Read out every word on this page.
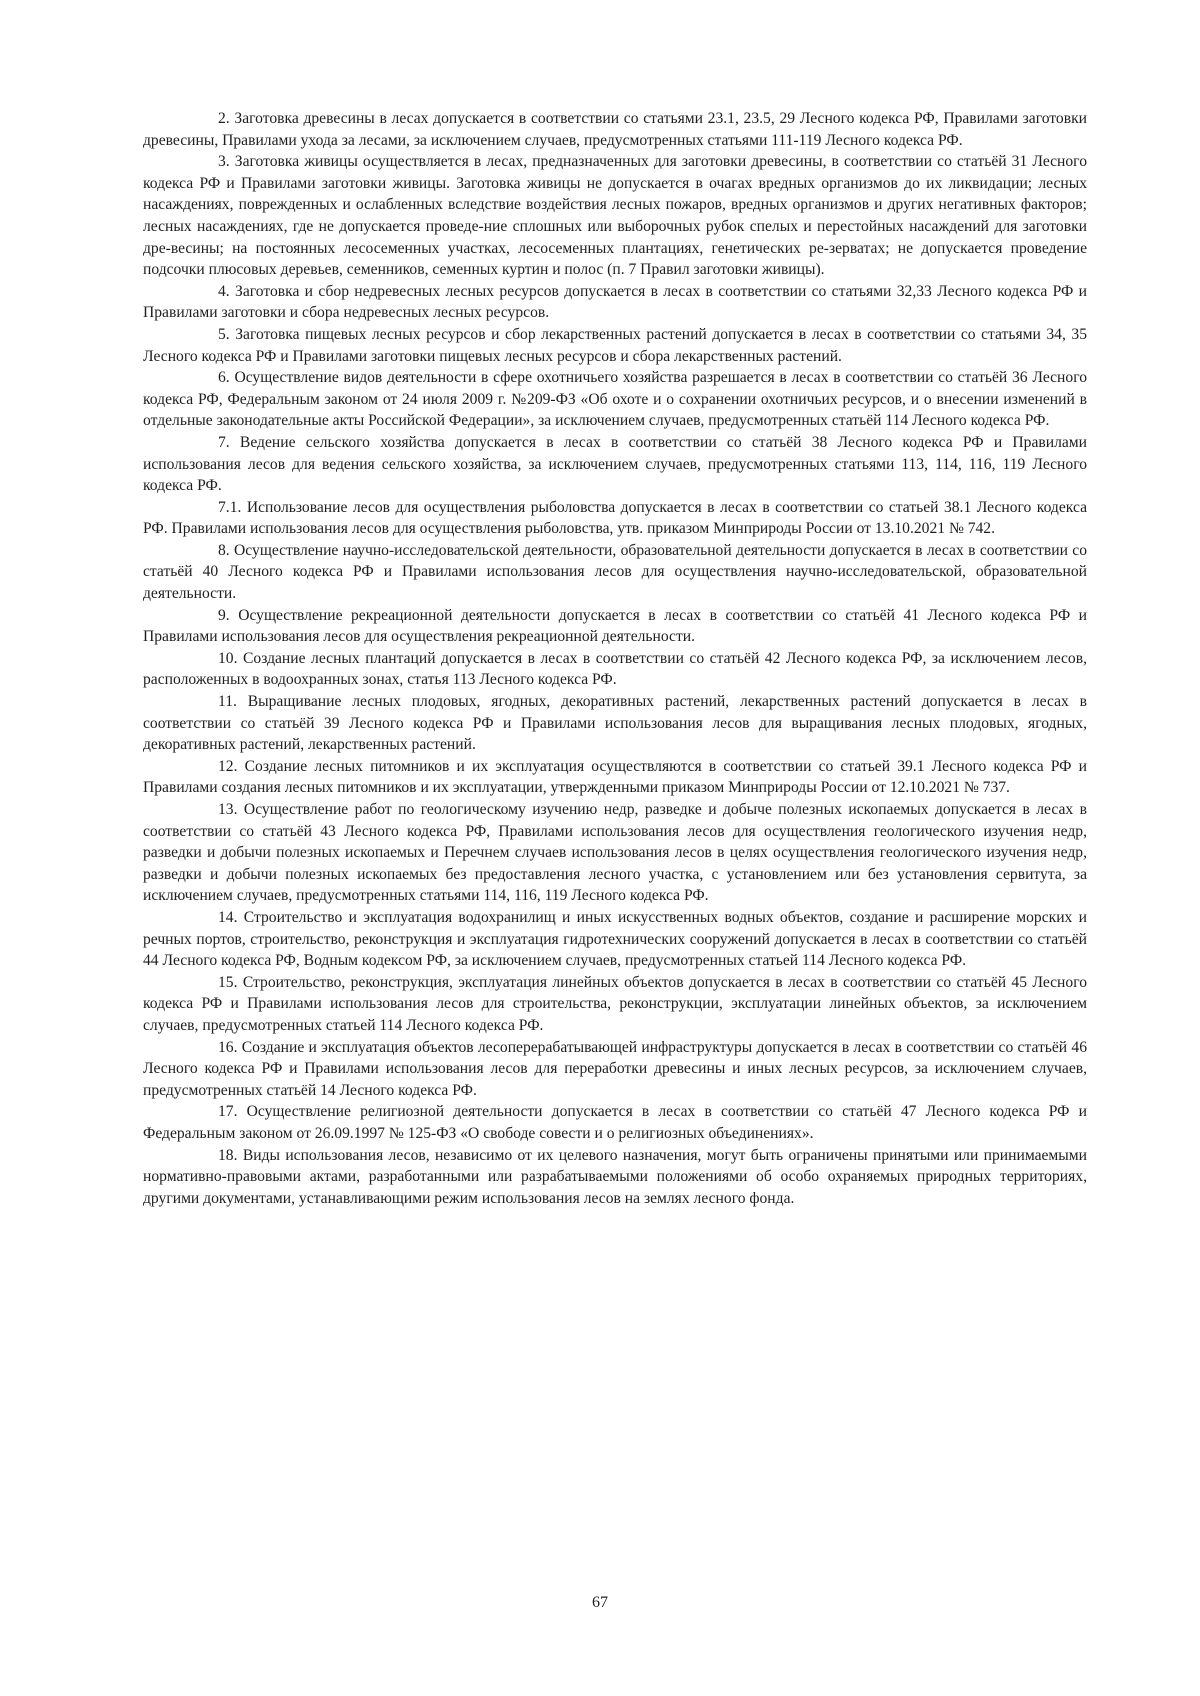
2. Заготовка древесины в лесах допускается в соответствии со статьями 23.1, 23.5, 29 Лесного кодекса РФ, Правилами заготовки древесины, Правилами ухода за лесами, за исключением случаев, предусмотренных статьями 111-119 Лесного кодекса РФ.

3. Заготовка живицы осуществляется в лесах, предназначенных для заготовки древесины, в соответствии со статьёй 31 Лесного кодекса РФ и Правилами заготовки живицы. Заготовка живицы не допускается в очагах вредных организмов до их ликвидации; лесных насаждениях, поврежденных и ослабленных вследствие воздействия лесных пожаров, вредных организмов и других негативных факторов; лесных насаждениях, где не допускается проведе-ние сплошных или выборочных рубок спелых и перестойных насаждений для заготовки дре-весины; на постоянных лесосеменных участках, лесосеменных плантациях, генетических ре-зерватах; не допускается проведение подсочки плюсовых деревьев, семенников, семенных куртин и полос (п. 7 Правил заготовки живицы).

4. Заготовка и сбор недревесных лесных ресурсов допускается в лесах в соответствии со статьями 32,33 Лесного кодекса РФ и Правилами заготовки и сбора недревесных лесных ресурсов.

5. Заготовка пищевых лесных ресурсов и сбор лекарственных растений допускается в лесах в соответствии со статьями 34, 35 Лесного кодекса РФ и Правилами заготовки пищевых лесных ресурсов и сбора лекарственных растений.

6. Осуществление видов деятельности в сфере охотничьего хозяйства разрешается в лесах в соответствии со статьёй 36 Лесного кодекса РФ, Федеральным законом от 24 июля 2009 г. №209-ФЗ «Об охоте и о сохранении охотничьих ресурсов, и о внесении изменений в отдельные законодательные акты Российской Федерации», за исключением случаев, предусмотренных статьёй 114 Лесного кодекса РФ.

7. Ведение сельского хозяйства допускается в лесах в соответствии со статьёй 38 Лесного кодекса РФ и Правилами использования лесов для ведения сельского хозяйства, за исключением случаев, предусмотренных статьями 113, 114, 116, 119 Лесного кодекса РФ.

7.1. Использование лесов для осуществления рыболовства допускается в лесах в соответствии со статьей 38.1 Лесного кодекса РФ. Правилами использования лесов для осуществления рыболовства, утв. приказом Минприроды России от 13.10.2021 № 742.

8. Осуществление научно-исследовательской деятельности, образовательной деятельности допускается в лесах в соответствии со статьёй 40 Лесного кодекса РФ и Правилами использования лесов для осуществления научно-исследовательской, образовательной деятельности.

9. Осуществление рекреационной деятельности допускается в лесах в соответствии со статьёй 41 Лесного кодекса РФ и Правилами использования лесов для осуществления рекреационной деятельности.

10. Создание лесных плантаций допускается в лесах в соответствии со статьёй 42 Лесного кодекса РФ, за исключением лесов, расположенных в водоохранных зонах, статья 113 Лесного кодекса РФ.

11. Выращивание лесных плодовых, ягодных, декоративных растений, лекарственных растений допускается в лесах в соответствии со статьёй 39 Лесного кодекса РФ и Правилами использования лесов для выращивания лесных плодовых, ягодных, декоративных растений, лекарственных растений.

12. Создание лесных питомников и их эксплуатация осуществляются в соответствии со статьей 39.1 Лесного кодекса РФ и Правилами создания лесных питомников и их эксплуатации, утвержденными приказом Минприроды России от 12.10.2021 № 737.

13. Осуществление работ по геологическому изучению недр, разведке и добыче полезных ископаемых допускается в лесах в соответствии со статьёй 43 Лесного кодекса РФ, Правилами использования лесов для осуществления геологического изучения недр, разведки и добычи полезных ископаемых и Перечнем случаев использования лесов в целях осуществления геологического изучения недр, разведки и добычи полезных ископаемых без предоставления лесного участка, с установлением или без установления сервитута, за исключением случаев, предусмотренных статьями 114, 116, 119 Лесного кодекса РФ.

14. Строительство и эксплуатация водохранилищ и иных искусственных водных объектов, создание и расширение морских и речных портов, строительство, реконструкция и эксплуатация гидротехнических сооружений допускается в лесах в соответствии со статьёй 44 Лесного кодекса РФ, Водным кодексом РФ, за исключением случаев, предусмотренных статьей 114 Лесного кодекса РФ.

15. Строительство, реконструкция, эксплуатация линейных объектов допускается в лесах в соответствии со статьёй 45 Лесного кодекса РФ и Правилами использования лесов для строительства, реконструкции, эксплуатации линейных объектов, за исключением случаев, предусмотренных статьей 114 Лесного кодекса РФ.

16. Создание и эксплуатация объектов лесоперерабатывающей инфраструктуры допускается в лесах в соответствии со статьёй 46 Лесного кодекса РФ и Правилами использования лесов для переработки древесины и иных лесных ресурсов, за исключением случаев, предусмотренных статьёй 14 Лесного кодекса РФ.

17. Осуществление религиозной деятельности допускается в лесах в соответствии со статьёй 47 Лесного кодекса РФ и Федеральным законом от 26.09.1997 № 125-ФЗ «О свободе совести и о религиозных объединениях».

18. Виды использования лесов, независимо от их целевого назначения, могут быть ограничены принятыми или принимаемыми нормативно-правовыми актами, разработанными или разрабатываемыми положениями об особо охраняемых природных территориях, другими документами, устанавливающими режим использования лесов на землях лесного фонда.

67
